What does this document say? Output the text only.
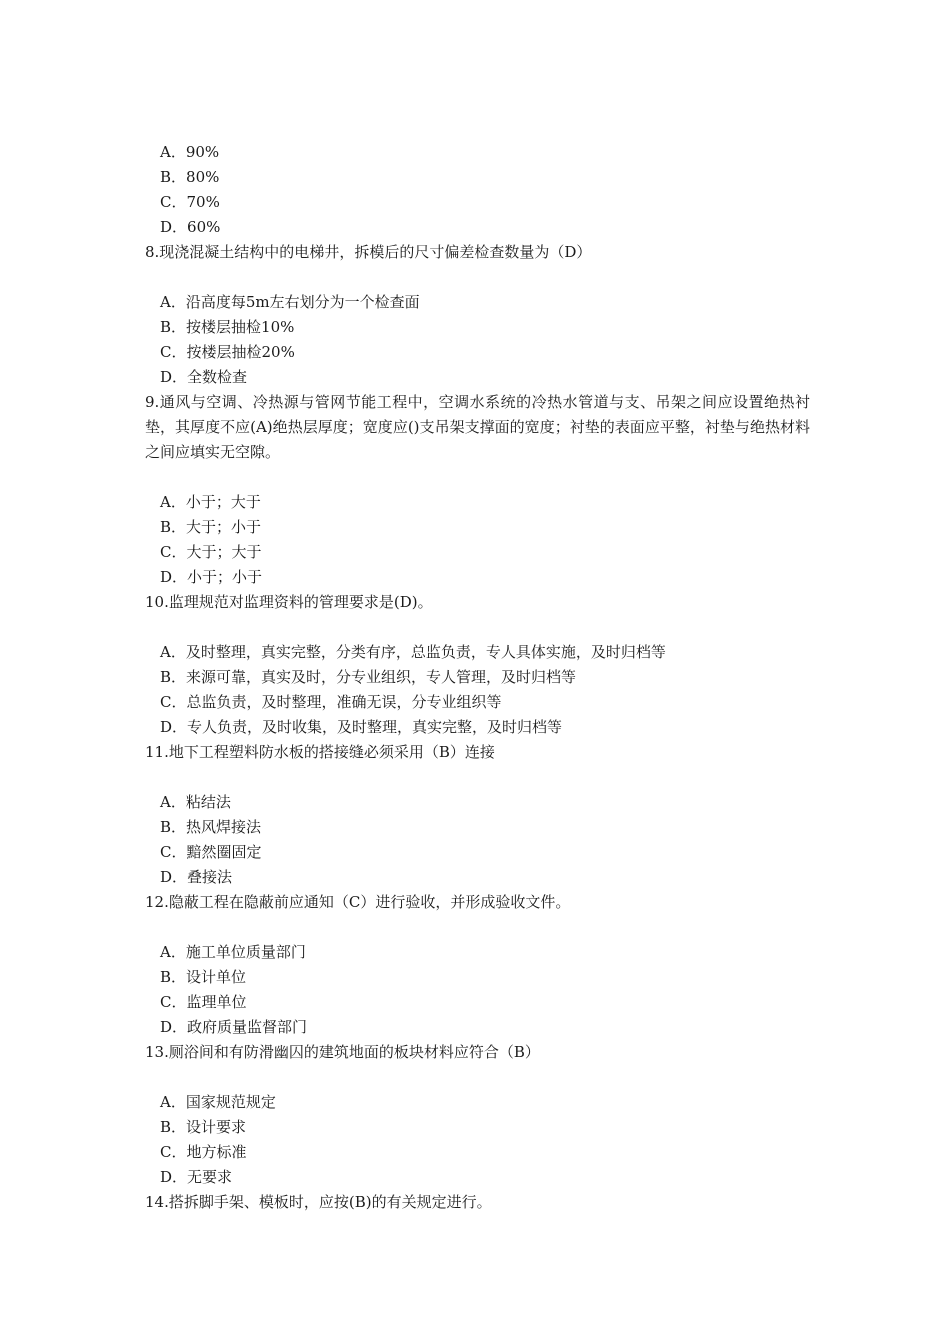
A．90%
B．80%
C．70%
D．60%
8.现浇混凝土结构中的电梯井，拆模后的尺寸偏差检查数量为（D）
A．沿高度每5m左右划分为一个检查面
B．按楼层抽检10%
C．按楼层抽检20%
D．全数检查
9.通风与空调、冷热源与管网节能工程中，空调水系统的冷热水管道与支、吊架之间应设置绝热衬垫，其厚度不应(A)绝热层厚度；宽度应()支吊架支撑面的宽度；衬垫的表面应平整，衬垫与绝热材料之间应填实无空隙。
A．小于；大于
B．大于；小于
C．大于；大于
D．小于；小于
10.监理规范对监理资料的管理要求是(D)。
A．及时整理，真实完整，分类有序，总监负责，专人具体实施，及时归档等
B．来源可靠，真实及时，分专业组织，专人管理，及时归档等
C．总监负责，及时整理，准确无误，分专业组织等
D．专人负责，及时收集，及时整理，真实完整，及时归档等
11.地下工程塑料防水板的搭接缝必须采用（B）连接
A．粘结法
B．热风焊接法
C．黯然圈固定
D．叠接法
12.隐蔽工程在隐蔽前应通知（C）进行验收，并形成验收文件。
A．施工单位质量部门
B．设计单位
C．监理单位
D．政府质量监督部门
13.厕浴间和有防滑幽囚的建筑地面的板块材料应符合（B）
A．国家规范规定
B．设计要求
C．地方标准
D．无要求
14.搭拆脚手架、模板时，应按(B)的有关规定进行。
